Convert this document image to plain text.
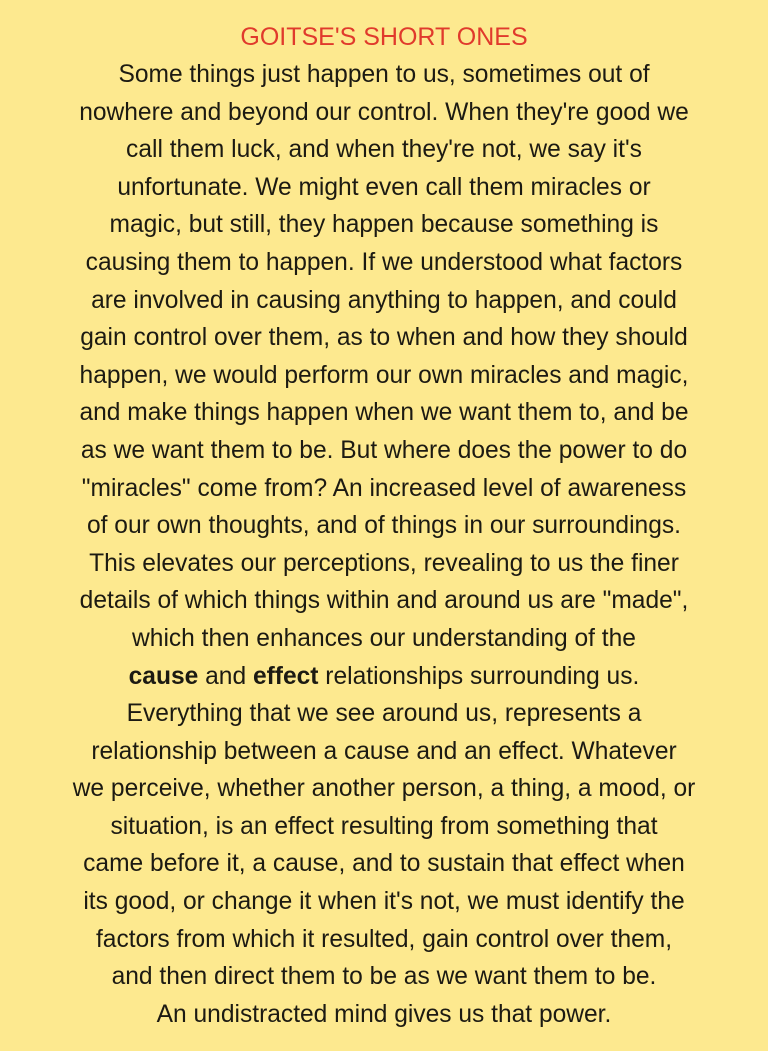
GOITSE'S SHORT ONES

Some things just happen to us, sometimes out of
nowhere and beyond our control. When they're good we
call them luck, and when they're not, we say it's
unfortunate. We might even call them miracles or
magic, but still, they happen because something is
causing them to happen. If we understood what factors
are involved in causing anything to happen, and could
gain control over them, as to when and how they should
happen, we would perform our own miracles and magic,
and make things happen when we want them to, and be
as we want them to be. But where does the power to do
"miracles" come from? An increased level of awareness
of our own thoughts, and of things in our surroundings.
This elevates our perceptions, revealing to us the finer
details of which things within and around us are "made",
which then enhances our understanding of the
cause and effect relationships surrounding us.
Everything that we see around us, represents a
relationship between a cause and an effect. Whatever
we perceive, whether another person, a thing, a mood, or
situation, is an effect resulting from something that
came before it, a cause, and to sustain that effect when
its good, or change it when it's not, we must identify the
factors from which it resulted, gain control over them,
and then direct them to be as we want them to be.
An undistracted mind gives us that power.
